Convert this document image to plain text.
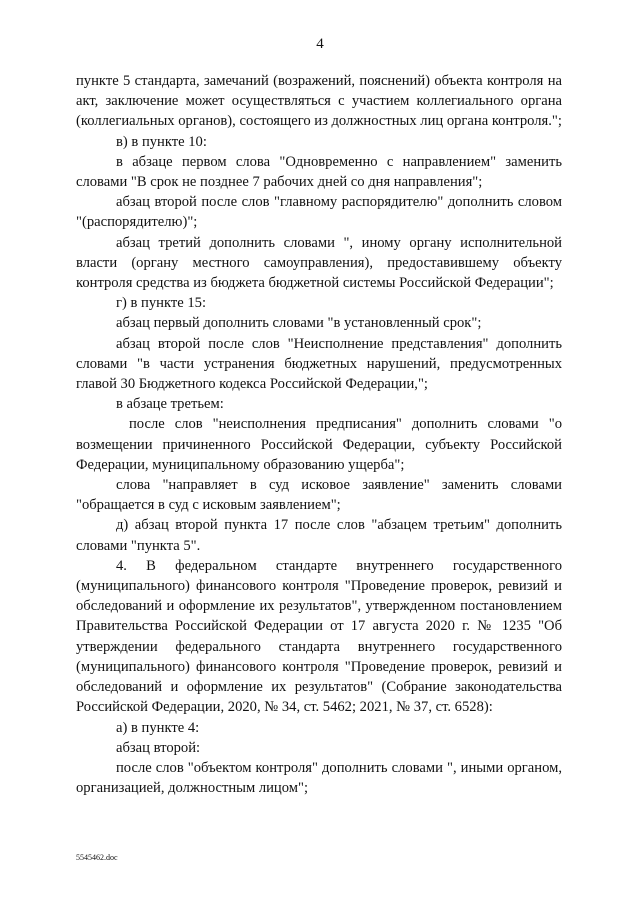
4

пункте 5 стандарта, замечаний (возражений, пояснений) объекта контроля на акт, заключение может осуществляться с участием коллегиального органа (коллегиальных органов), состоящего из должностных лиц органа контроля.";

в) в пункте 10:

в абзаце первом слова "Одновременно с направлением" заменить словами "В срок не позднее 7 рабочих дней со дня направления";

абзац второй после слов "главному распорядителю" дополнить словом "(распорядителю)";

абзац третий дополнить словами ", иному органу исполнительной власти (органу местного самоуправления), предоставившему объекту контроля средства из бюджета бюджетной системы Российской Федерации";

г) в пункте 15:

абзац первый дополнить словами "в установленный срок";

абзац второй после слов "Неисполнение представления" дополнить словами "в части устранения бюджетных нарушений, предусмотренных главой 30 Бюджетного кодекса Российской Федерации,";

в абзаце третьем:

после слов "неисполнения предписания" дополнить словами "о возмещении причиненного Российской Федерации, субъекту Российской Федерации, муниципальному образованию ущерба";

слова "направляет в суд исковое заявление" заменить словами "обращается в суд с исковым заявлением";

д) абзац второй пункта 17 после слов "абзацем третьим" дополнить словами "пункта 5".

4. В федеральном стандарте внутреннего государственного (муниципального) финансового контроля "Проведение проверок, ревизий и обследований и оформление их результатов", утвержденном постановлением Правительства Российской Федерации от 17 августа 2020 г. № 1235 "Об утверждении федерального стандарта внутреннего государственного (муниципального) финансового контроля "Проведение проверок, ревизий и обследований и оформление их результатов" (Собрание законодательства Российской Федерации, 2020, № 34, ст. 5462; 2021, № 37, ст. 6528):

а) в пункте 4:

абзац второй:

после слов "объектом контроля" дополнить словами ", иными органом, организацией, должностным лицом";

5545462.doc
